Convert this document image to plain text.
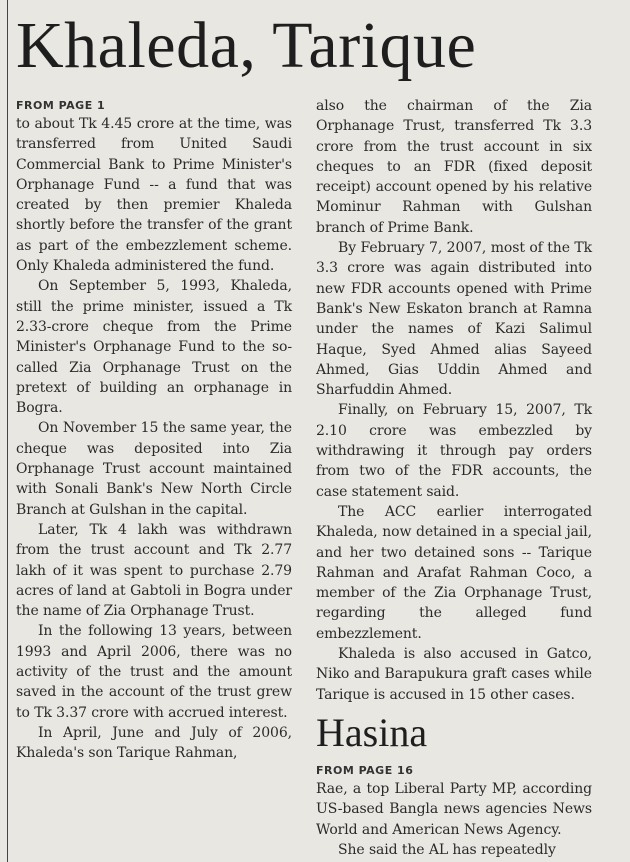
Khaleda, Tarique

FROM PAGE 1

to about Tk 4.45 crore at the time, was transferred from United Saudi Commercial Bank to Prime Minister's Orphanage Fund -- a fund that was created by then premier Khaleda shortly before the transfer of the grant as part of the embezzlement scheme. Only Khaleda administered the fund.

On September 5, 1993, Khaleda, still the prime minister, issued a Tk 2.33-crore cheque from the Prime Minister's Orphanage Fund to the so-called Zia Orphanage Trust on the pretext of building an orphanage in Bogra.

On November 15 the same year, the cheque was deposited into Zia Orphanage Trust account maintained with Sonali Bank's New North Circle Branch at Gulshan in the capital.

Later, Tk 4 lakh was withdrawn from the trust account and Tk 2.77 lakh of it was spent to purchase 2.79 acres of land at Gabtoli in Bogra under the name of Zia Orphanage Trust.

In the following 13 years, between 1993 and April 2006, there was no activity of the trust and the amount saved in the account of the trust grew to Tk 3.37 crore with accrued interest.

In April, June and July of 2006, Khaleda's son Tarique Rahman,

also the chairman of the Zia Orphanage Trust, transferred Tk 3.3 crore from the trust account in six cheques to an FDR (fixed deposit receipt) account opened by his relative Mominur Rahman with Gulshan branch of Prime Bank.

By February 7, 2007, most of the Tk 3.3 crore was again distributed into new FDR accounts opened with Prime Bank's New Eskaton branch at Ramna under the names of Kazi Salimul Haque, Syed Ahmed alias Sayeed Ahmed, Gias Uddin Ahmed and Sharfuddin Ahmed.

Finally, on February 15, 2007, Tk 2.10 crore was embezzled by withdrawing it through pay orders from two of the FDR accounts, the case statement said.

The ACC earlier interrogated Khaleda, now detained in a special jail, and her two detained sons -- Tarique Rahman and Arafat Rahman Coco, a member of the Zia Orphanage Trust, regarding the alleged fund embezzlement.

Khaleda is also accused in Gatco, Niko and Barapukura graft cases while Tarique is accused in 15 other cases.

Hasina

FROM PAGE 16

Rae, a top Liberal Party MP, according US-based Bangla news agencies News World and American News Agency.

She said the AL has repeatedly
